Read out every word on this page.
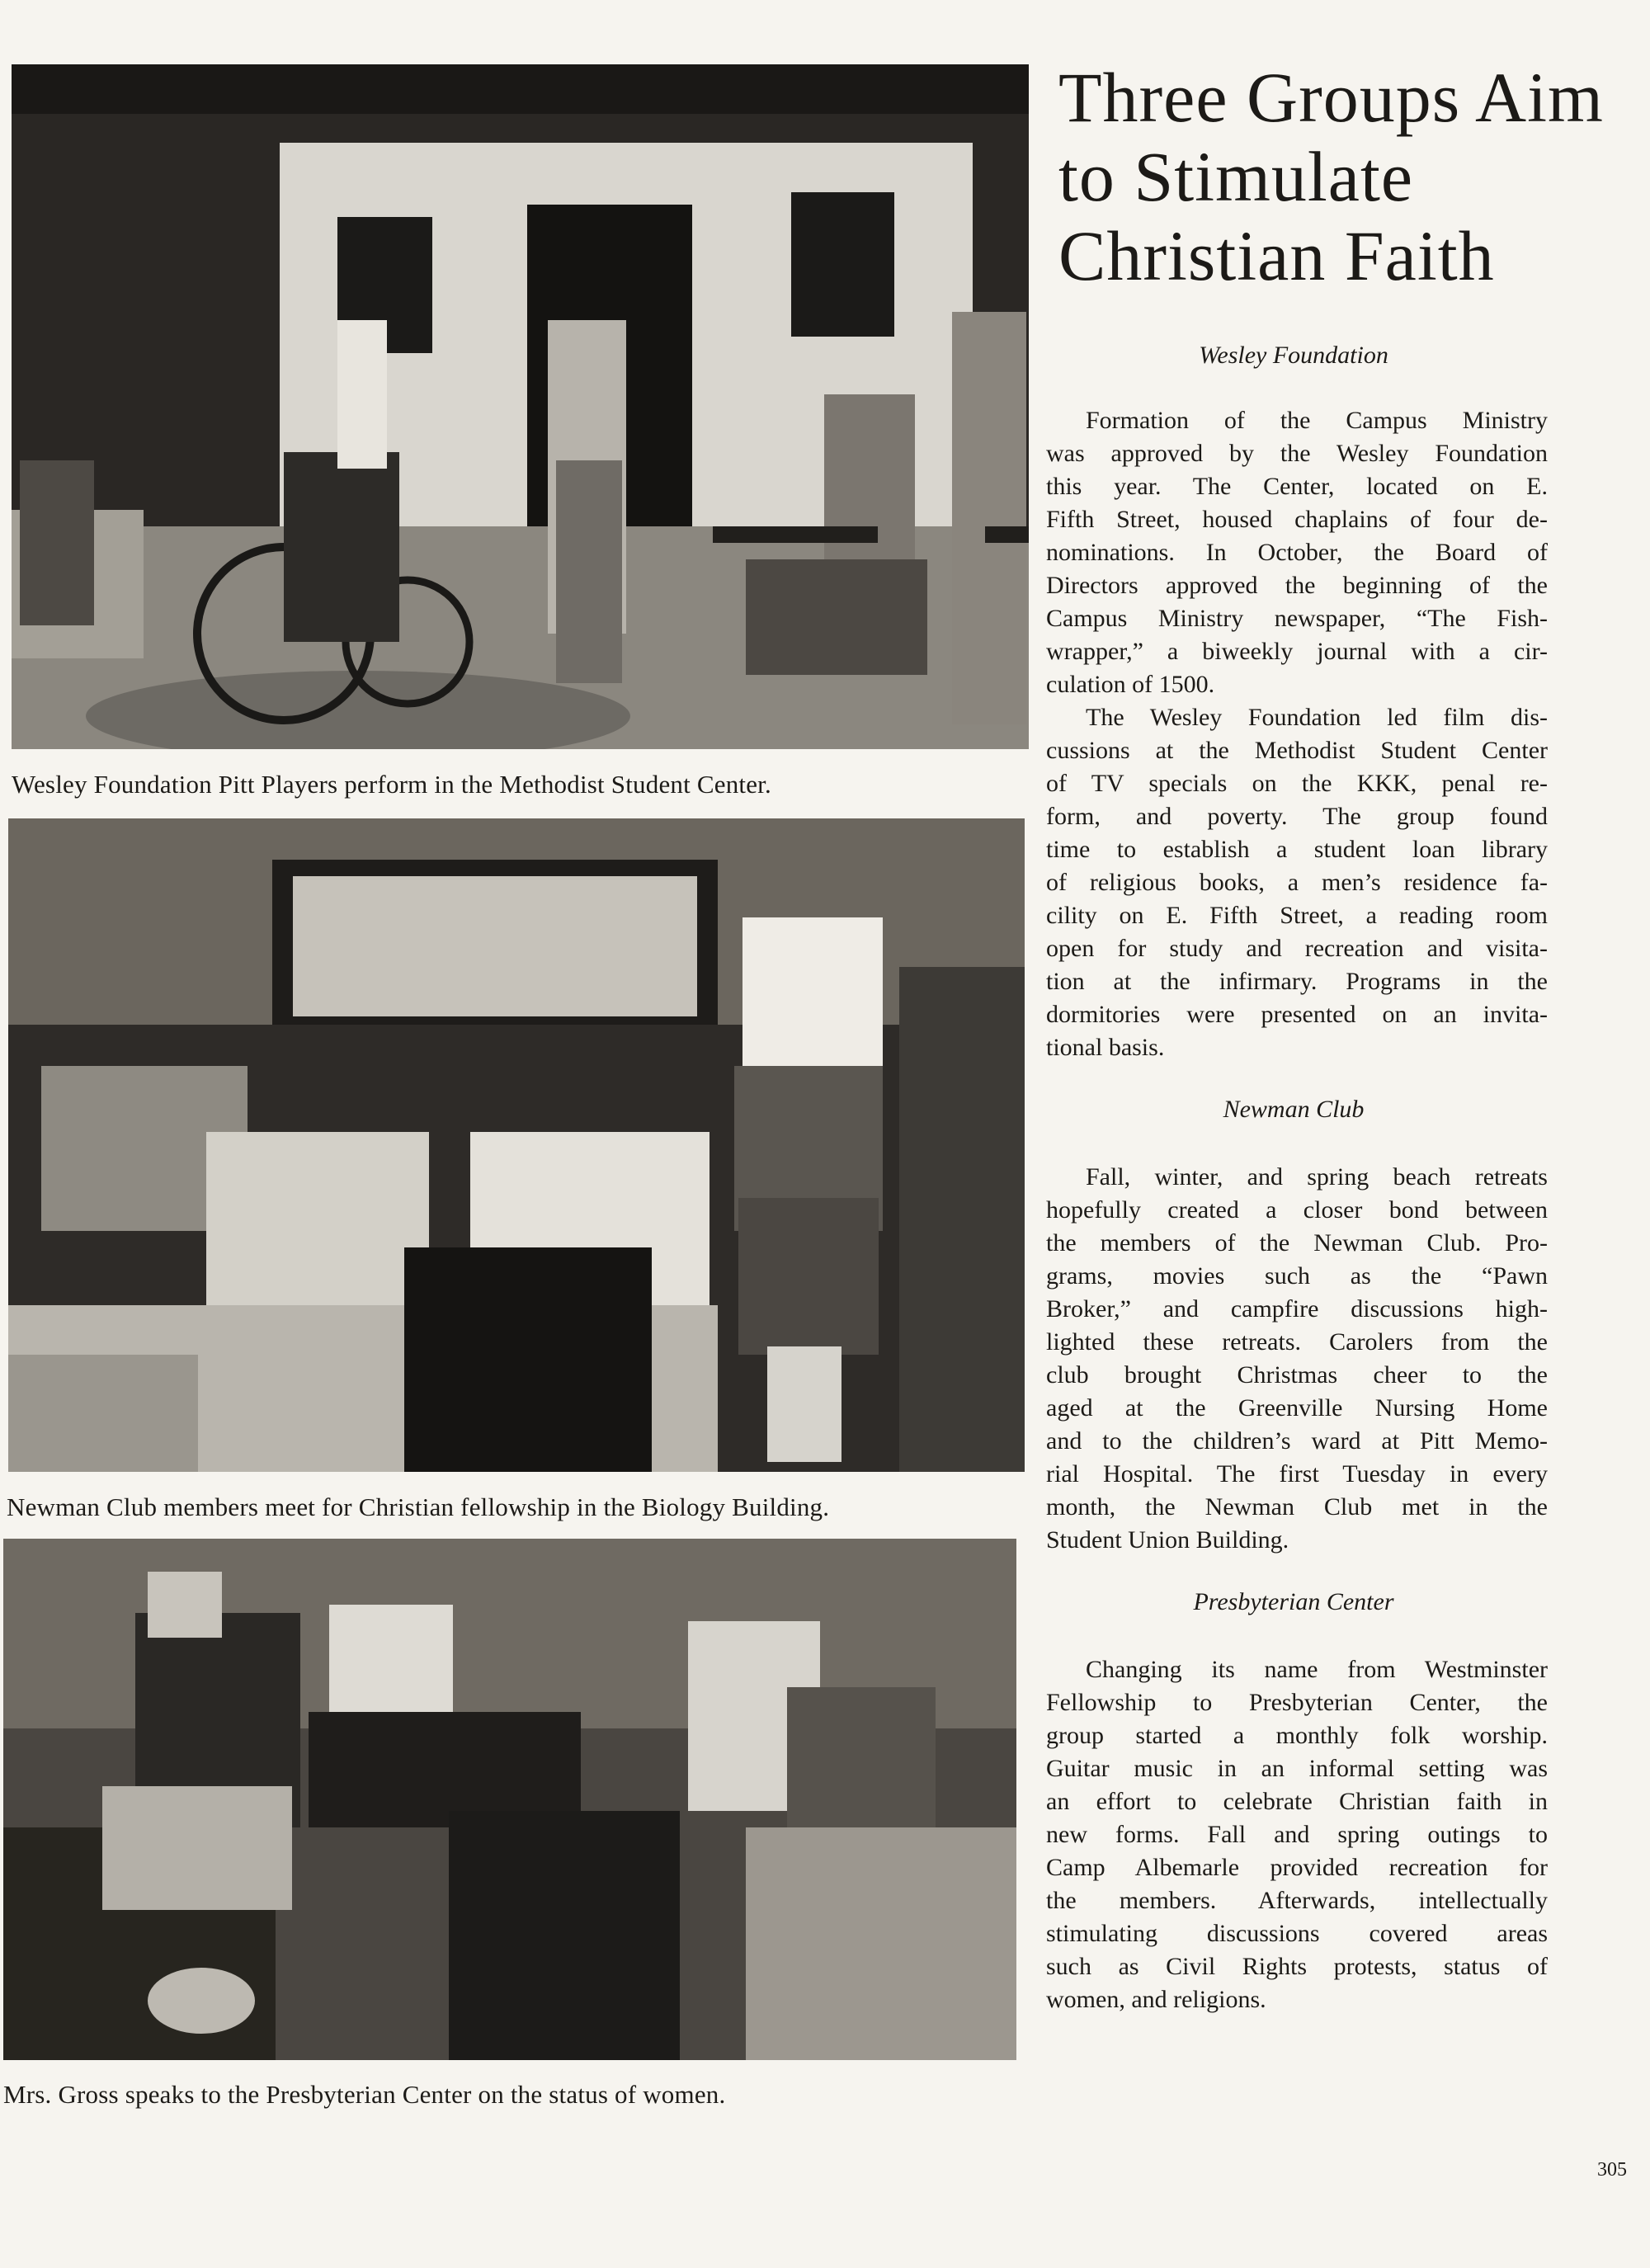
Wesley Foundation Pitt Players perform in the Methodist Student Center.
Newman Club members meet for Christian fellowship in the Biology Building.
Mrs. Gross speaks to the Presbyterian Center on the status of women.
Three Groups Aim
to Stimulate
Christian Faith
Wesley Foundation
Formation of the Campus Ministry
was approved by the Wesley Foundation
this year. The Center, located on E.
Fifth Street, housed chaplains of four de-
nominations. In October, the Board of
Directors approved the beginning of the
Campus Ministry newspaper, “The Fish-
wrapper,” a biweekly journal with a cir-
culation of 1500.
The Wesley Foundation led film dis-
cussions at the Methodist Student Center
of TV specials on the KKK, penal re-
form, and poverty. The group found
time to establish a student loan library
of religious books, a men’s residence fa-
cility on E. Fifth Street, a reading room
open for study and recreation and visita-
tion at the infirmary. Programs in the
dormitories were presented on an invita-
tional basis.
Newman Club
Fall, winter, and spring beach retreats
hopefully created a closer bond between
the members of the Newman Club. Pro-
grams, movies such as the “Pawn
Broker,” and campfire discussions high-
lighted these retreats. Carolers from the
club brought Christmas cheer to the
aged at the Greenville Nursing Home
and to the children’s ward at Pitt Memo-
rial Hospital. The first Tuesday in every
month, the Newman Club met in the
Student Union Building.
Presbyterian Center
Changing its name from Westminster
Fellowship to Presbyterian Center, the
group started a monthly folk worship.
Guitar music in an informal setting was
an effort to celebrate Christian faith in
new forms. Fall and spring outings to
Camp Albemarle provided recreation for
the members. Afterwards, intellectually
stimulating discussions covered areas
such as Civil Rights protests, status of
women, and religions.
305
